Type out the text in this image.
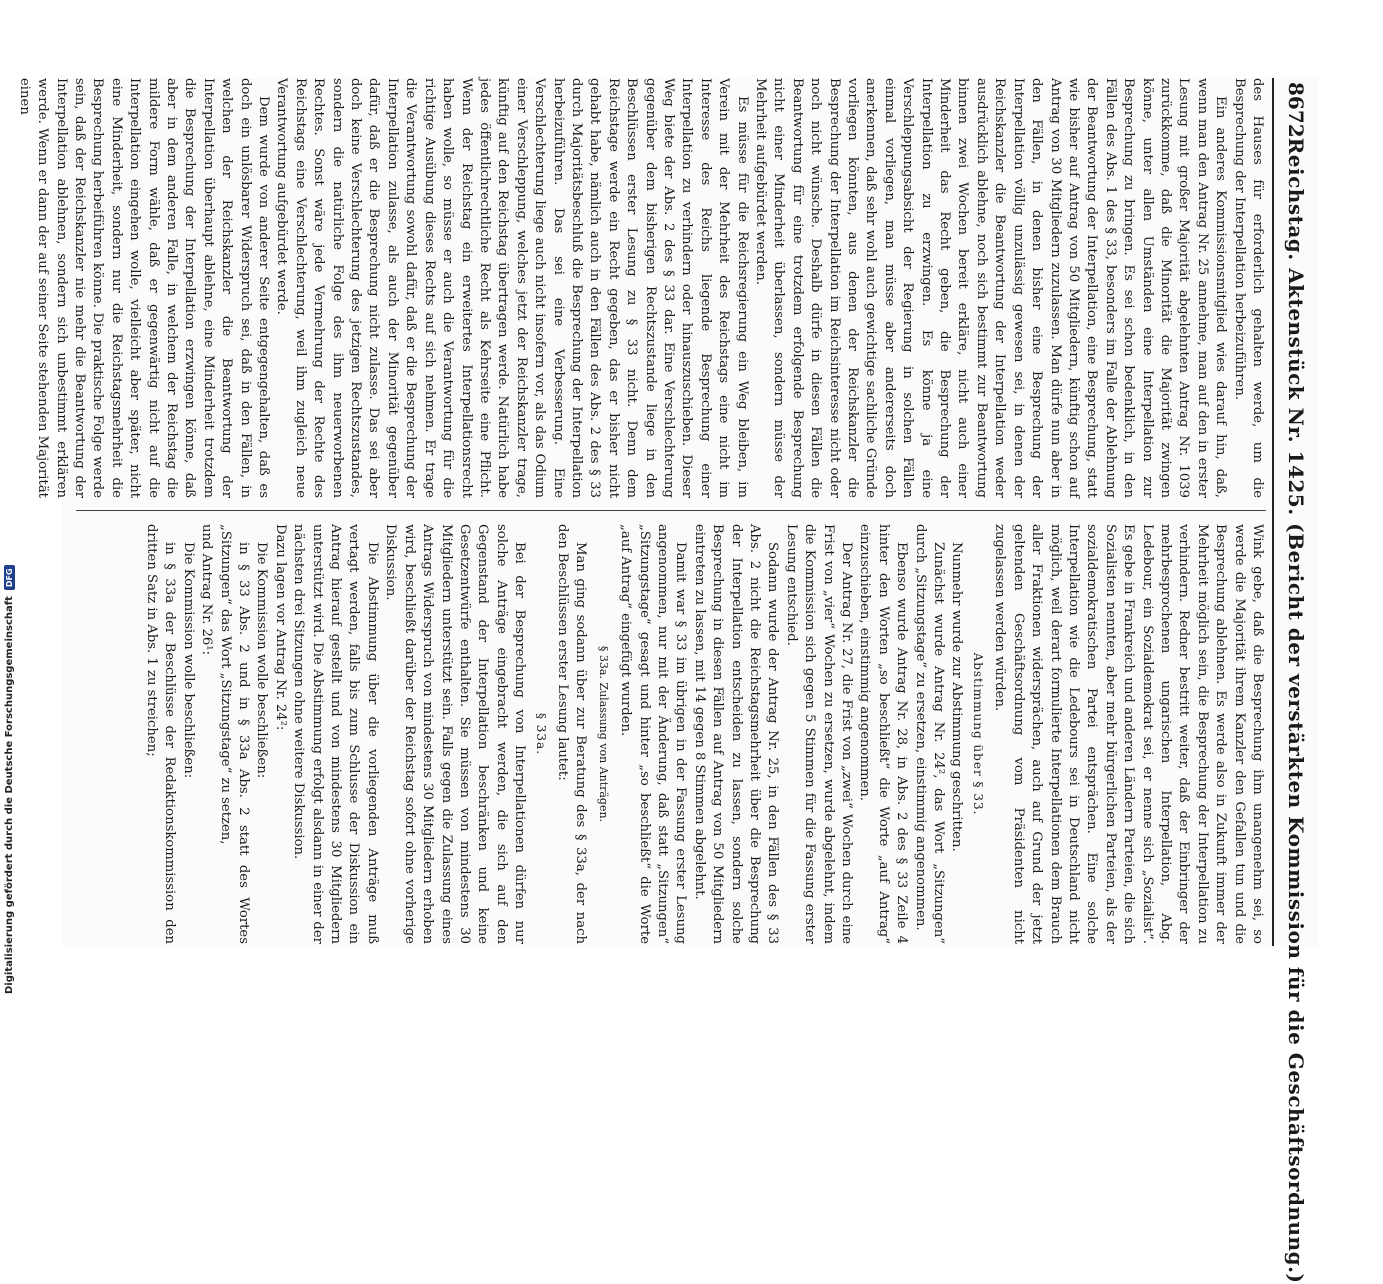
8672
Reichstag. Aktenstück Nr. 1425. (Bericht der verstärkten Kommission für die Geschäftsordnung.)

des Hauses für erforderlich gehalten werde, um die Besprechung der Interpellation herbeizuführen.

Ein anderes Kommissionsmitglied wies darauf hin, daß, wenn man den Antrag Nr. 25 annehme, man auf den in erster Lesung mit großer Majorität abgelehnten Antrag Nr. 1039 zurückkomme, daß die Minorität die Majorität zwingen könne, unter allen Umständen eine Interpellation zur Besprechung zu bringen. Es sei schon bedenklich, in den Fällen des Abs. 1 des § 33, besonders im Falle der Ablehnung der Beantwortung der Interpellation, eine Besprechung, statt wie bisher auf Antrag von 50 Mitgliedern, künftig schon auf Antrag von 30 Mitgliedern zuzulassen. Man dürfe nun aber in den Fällen, in denen bisher eine Besprechung der Interpellation völlig unzulässig gewesen sei, in denen der Reichskanzler die Beantwortung der Interpellation weder ausdrücklich ablehne, noch sich bestimmt zur Beantwortung binnen zwei Wochen bereit erkläre, nicht auch einer Minderheit das Recht geben, die Besprechung der Interpellation zu erzwingen. Es könne ja eine Verschleppungsabsicht der Regierung in solchen Fällen einmal vorliegen, man müsse aber andererseits doch anerkennen, daß sehr wohl auch gewichtige sachliche Gründe vorliegen könnten, aus denen der Reichskanzler die Besprechung der Interpellation im Reichsinteresse nicht oder noch nicht wünsche. Deshalb dürfe in diesen Fällen die Beantwortung für eine trotzdem erfolgende Besprechung nicht einer Minderheit überlassen, sondern müsse der Mehrheit aufgebürdet werden.

Es müsse für die Reichsregierung ein Weg bleiben, im Verein mit der Mehrheit des Reichstags eine nicht im Interesse des Reichs liegende Besprechung einer Interpellation zu verhindern oder hinauszuschieben. Dieser Weg biete der Abs. 2 des § 33 dar. Eine Verschlechterung gegenüber dem bisherigen Rechtszustande liege in den Beschlüssen erster Lesung zu § 33 nicht. Denn dem Reichstage werde ein Recht gegeben, das er bisher nicht gehabt habe, nämlich auch in den Fällen des Abs. 2 des § 33 durch Majoritätsbeschluß die Besprechung der Interpellation herbeizuführen. Das sei eine Verbesserung. Eine Verschlechterung liege auch nicht insofern vor, als das Odium einer Verschleppung, welches jetzt der Reichskanzler trage, künftig auf den Reichstag übertragen werde. Natürlich habe jedes öffentlichrechtliche Recht als Kehrseite eine Pflicht. Wenn der Reichstag ein erweitertes Interpellationsrecht haben wolle, so müsse er auch die Verantwortung für die richtige Ausübung dieses Rechts auf sich nehmen. Er trage die Verantwortung sowohl dafür, daß er die Besprechung der Interpellation zulasse, als auch der Minorität gegenüber dafür, daß er die Besprechung nicht zulasse. Das sei aber doch keine Verschlechterung des jetzigen Rechtszustandes, sondern die natürliche Folge des ihm neuerworbenen Rechtes. Sonst wäre jede Vermehrung der Rechte des Reichstags eine Verschlechterung, weil ihm zugleich neue Verantwortung aufgebürdet werde.

Dem wurde von anderer Seite entgegengehalten, daß es doch ein unlösbarer Widerspruch sei, daß in den Fällen, in welchen der Reichskanzler die Beantwortung der Interpellation überhaupt ablehne, eine Minderheit trotzdem die Besprechung der Interpellation erzwingen könne, daß aber in dem anderen Falle, in welchem der Reichstag die mildere Form wähle, daß er gegenwärtig nicht auf die Interpellation eingehen wolle, vielleicht aber später, nicht eine Minderheit, sondern nur die Reichstagsmehrheit die Besprechung herbeiführen könne. Die praktische Folge werde sein, daß der Reichskanzler nie mehr die Beantwortung der Interpellation ablehnen, sondern sich unbestimmt erklären werde. Wenn er dann der auf seiner Seite stehenden Majorität einen

Wink gebe, daß die Besprechung ihm unangenehm sei, so werde die Majorität ihrem Kanzler den Gefallen tun und die Besprechung ablehnen. Es werde also in Zukunft immer der Mehrheit möglich sein, die Besprechung der Interpellation zu verhindern. Redner bestritt weiter, daß der Einbringer der mehrbesprochenen ungarischen Interpellation, Abg. Ledebour, ein Sozialdemokrat sei, er nenne sich „Sozialist“. Es gebe in Frankreich und anderen Ländern Parteien, die sich Sozialisten nennten, aber mehr bürgerlichen Parteien, als der sozialdemokratischen Partei entsprächen. Eine solche Interpellation wie die Ledebours sei in Deutschland nicht möglich, weil derart formulierte Interpellationen dem Brauch aller Fraktionen widersprächen, auch auf Grund der jetzt geltenden Geschäftsordnung vom Präsidenten nicht zugelassen werden würden.

Abstimmung über § 33.

Nunmehr wurde zur Abstimmung geschritten.

Zunächst wurde Antrag Nr. 24², das Wort „Sitzungen“ durch „Sitzungstage“ zu ersetzen, einstimmig angenommen.

Ebenso wurde Antrag Nr. 28, in Abs. 2 des § 33 Zeile 4 hinter den Worten „so beschließt“ die Worte „auf Antrag“ einzuschieben, einstimmig angenommen.

Der Antrag Nr. 27, die Frist von „zwei“ Wochen durch eine Frist von „vier“ Wochen zu ersetzen, wurde abgelehnt, indem die Kommission sich gegen 5 Stimmen für die Fassung erster Lesung entschied.

Sodann wurde der Antrag Nr. 25, in den Fällen des § 33 Abs. 2 nicht die Reichstagsmehrheit über die Besprechung der Interpellation entscheiden zu lassen, sondern solche Besprechung in diesen Fällen auf Antrag von 50 Mitgliedern eintreten zu lassen, mit 14 gegen 8 Stimmen abgelehnt.

Damit war § 33 im übrigen in der Fassung erster Lesung angenommen, nur mit der Änderung, daß statt „Sitzungen“ „Sitzungstage“ gesagt und hinter „so beschließt“ die Worte „auf Antrag“ eingefügt wurden.

§ 33a. Zulassung von Anträgen.

Man ging sodann über zur Beratung des § 33a, der nach den Beschlüssen erster Lesung lautet:

§ 33a.

Bei der Besprechung von Interpellationen dürfen nur solche Anträge eingebracht werden, die sich auf den Gegenstand der Interpellation beschränken und keine Gesetzentwürfe enthalten. Sie müssen von mindestens 30 Mitgliedern unterstützt sein. Falls gegen die Zulassung eines Antrags Widerspruch von mindestens 30 Mitgliedern erhoben wird, beschließt darüber der Reichstag sofort ohne vorherige Diskussion.

Die Abstimmung über die vorliegenden Anträge muß vertagt werden, falls bis zum Schlusse der Diskussion ein Antrag hierauf gestellt und von mindestens 30 Mitgliedern unterstützt wird. Die Abstimmung erfolgt alsdann in einer der nächsten drei Sitzungen ohne weitere Diskussion.

Dazu lagen vor Antrag Nr. 24²:

Die Kommission wolle beschließen:

in § 33 Abs. 2 und in § 33a Abs. 2 statt des Wortes „Sitzungen“ das Wort „Sitzungstage“ zu setzen,

und Antrag Nr. 26¹:

Die Kommission wolle beschließen:

in § 33a der Beschlüsse der Redaktionskommission den dritten Satz in Abs. 1 zu streichen;

Digitalisierung gefördert durch die Deutsche Forschungsgemeinschaft
DFG
